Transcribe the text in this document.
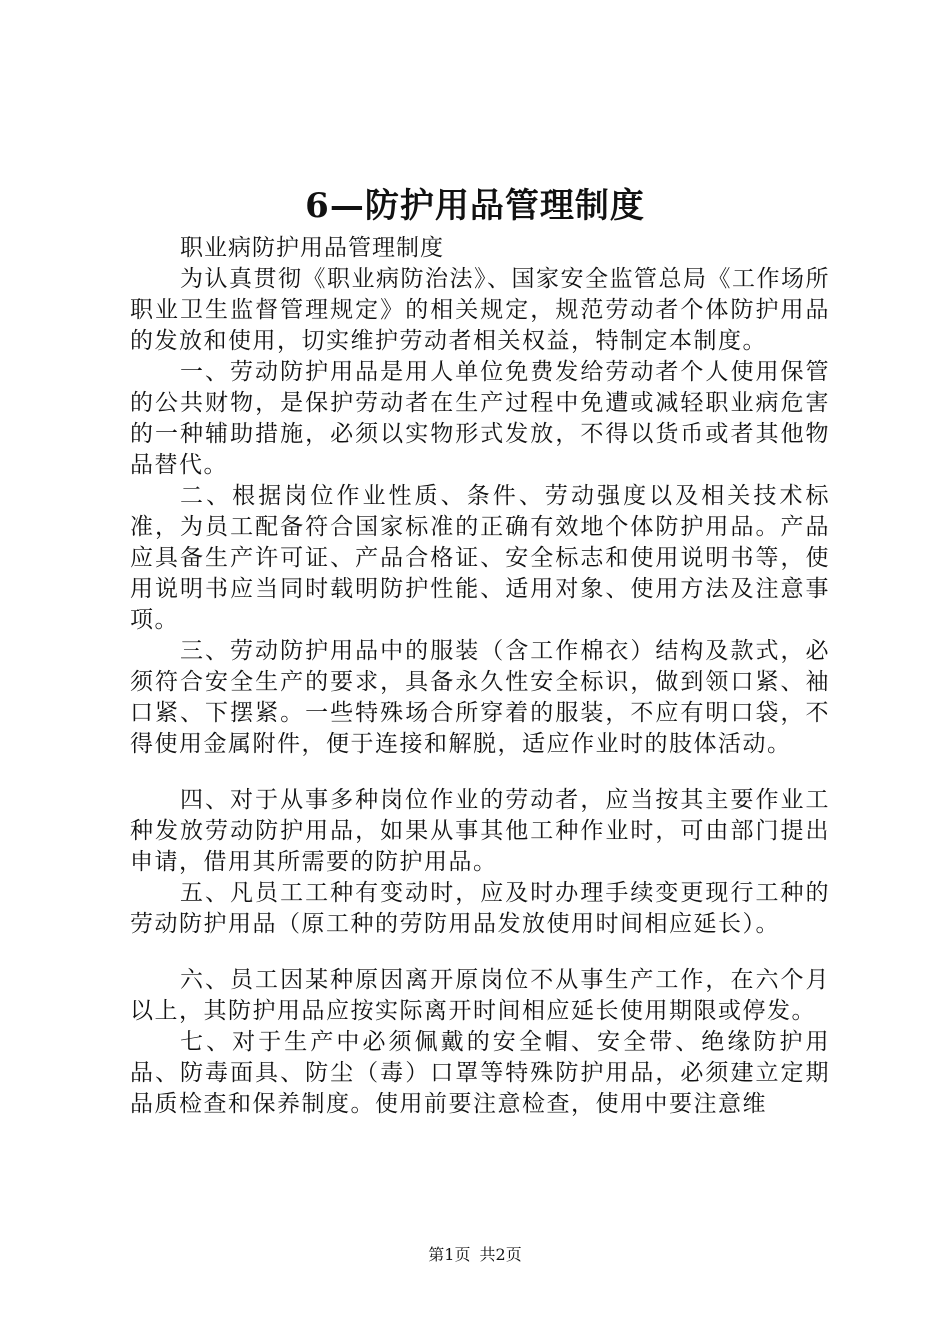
6—防护用品管理制度
职业病防护用品管理制度

为认真贯彻《职业病防治法》、国家安全监管总局《工作场所职业卫生监督管理规定》的相关规定，规范劳动者个体防护用品的发放和使用，切实维护劳动者相关权益，特制定本制度。

一、劳动防护用品是用人单位免费发给劳动者个人使用保管的公共财物，是保护劳动者在生产过程中免遭或减轻职业病危害的一种辅助措施，必须以实物形式发放，不得以货币或者其他物品替代。

二、根据岗位作业性质、条件、劳动强度以及相关技术标准，为员工配备符合国家标准的正确有效地个体防护用品。产品应具备生产许可证、产品合格证、安全标志和使用说明书等，使用说明书应当同时载明防护性能、适用对象、使用方法及注意事项。

三、劳动防护用品中的服装（含工作棉衣）结构及款式，必须符合安全生产的要求，具备永久性安全标识，做到领口紧、袖口紧、下摆紧。一些特殊场合所穿着的服装，不应有明口袋，不得使用金属附件，便于连接和解脱，适应作业时的肢体活动。

四、对于从事多种岗位作业的劳动者，应当按其主要作业工种发放劳动防护用品，如果从事其他工种作业时，可由部门提出申请，借用其所需要的防护用品。

五、凡员工工种有变动时，应及时办理手续变更现行工种的劳动防护用品（原工种的劳防用品发放使用时间相应延长）。

六、员工因某种原因离开原岗位不从事生产工作，在六个月以上，其防护用品应按实际离开时间相应延长使用期限或停发。

七、对于生产中必须佩戴的安全帽、安全带、绝缘防护用品、防毒面具、防尘（毒）口罩等特殊防护用品，必须建立定期品质检查和保养制度。使用前要注意检查，使用中要注意维

第1页 共2页
